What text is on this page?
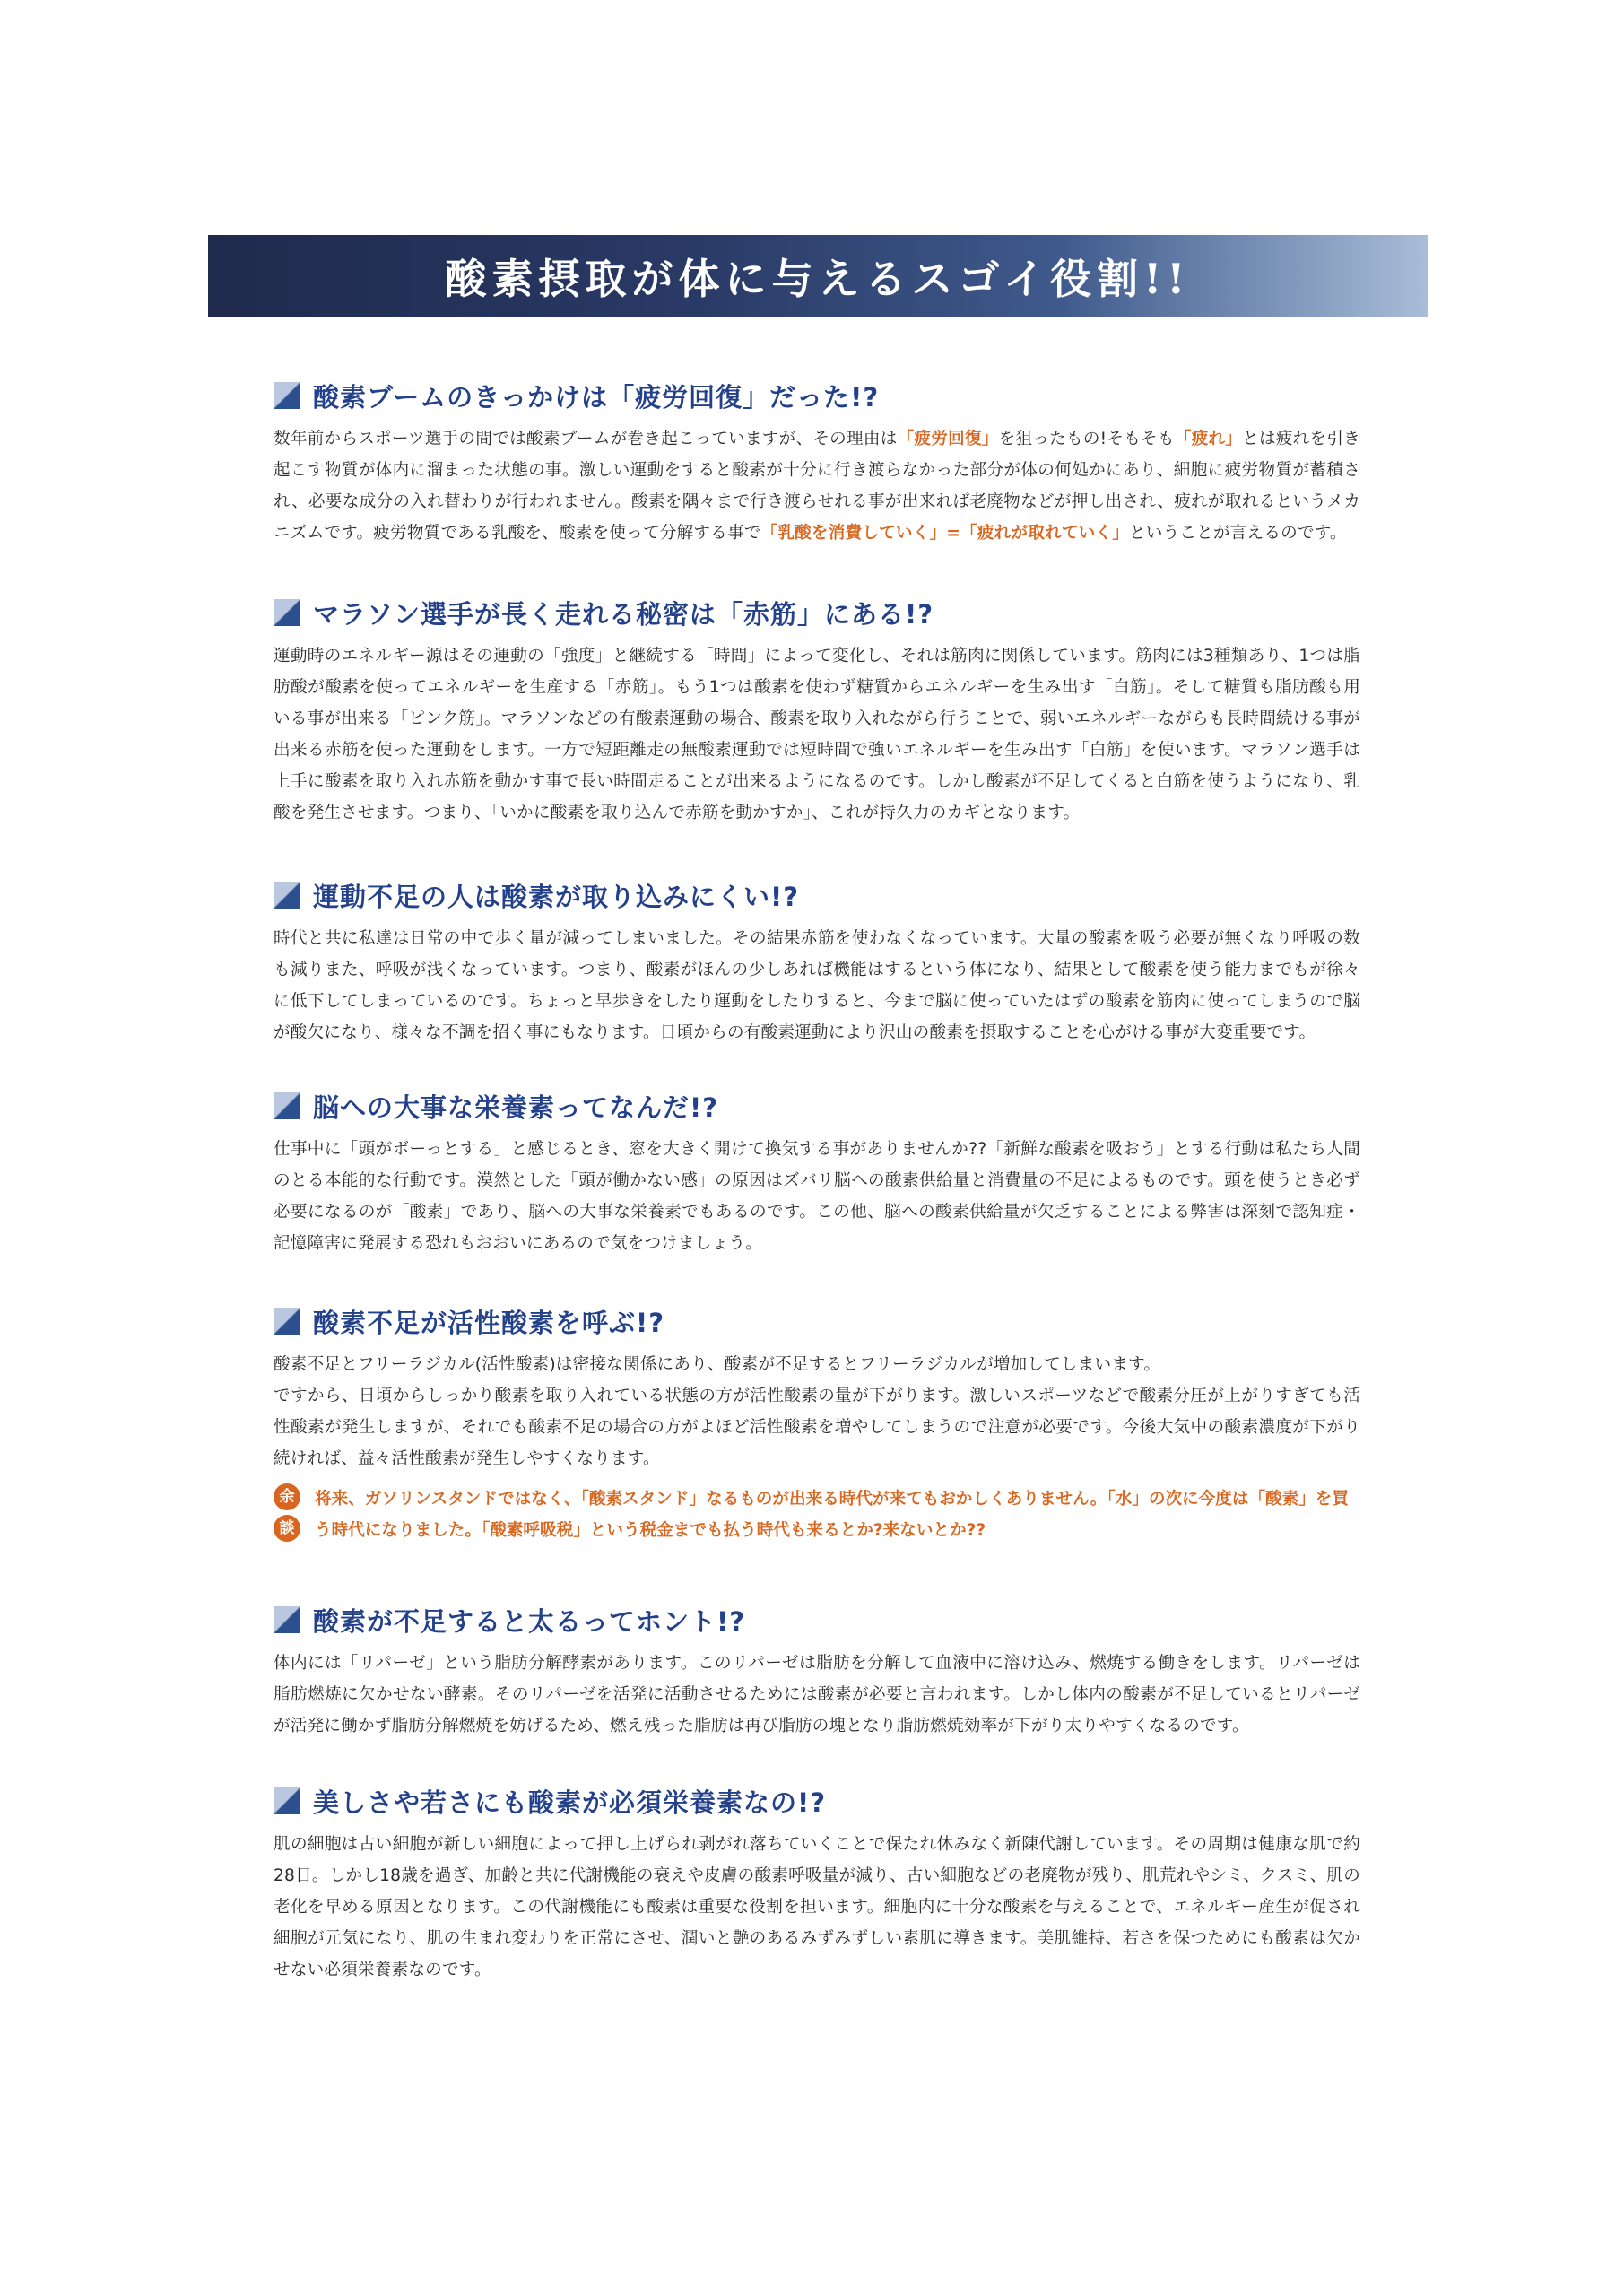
酸素摂取が体に与えるスゴイ役割!!
酸素ブームのきっかけは「疲労回復」だった!?
数年前からスポーツ選手の間では酸素ブームが巻き起こっていますが、その理由は「疲労回復」を狙ったもの!そもそも「疲れ」とは疲れを引き起こす物質が体内に溜まった状態の事。激しい運動をすると酸素が十分に行き渡らなかった部分が体の何処かにあり、細胞に疲労物質が蓄積され、必要な成分の入れ替わりが行われません。酸素を隅々まで行き渡らせれる事が出来れば老廃物などが押し出され、疲れが取れるというメカニズムです。疲労物質である乳酸を、酸素を使って分解する事で「乳酸を消費していく」=「疲れが取れていく」ということが言えるのです。
マラソン選手が長く走れる秘密は「赤筋」にある!?
運動時のエネルギー源はその運動の「強度」と継続する「時間」によって変化し、それは筋肉に関係しています。筋肉には3種類あり、1つは脂肪酸が酸素を使ってエネルギーを生産する「赤筋」。もう1つは酸素を使わず糖質からエネルギーを生み出す「白筋」。そして糖質も脂肪酸も用いる事が出来る「ピンク筋」。マラソンなどの有酸素運動の場合、酸素を取り入れながら行うことで、弱いエネルギーながらも長時間続ける事が出来る赤筋を使った運動をします。一方で短距離走の無酸素運動では短時間で強いエネルギーを生み出す「白筋」を使います。マラソン選手は上手に酸素を取り入れ赤筋を動かす事で長い時間走ることが出来るようになるのです。しかし酸素が不足してくると白筋を使うようになり、乳酸を発生させます。つまり、「いかに酸素を取り込んで赤筋を動かすか」、これが持久力のカギとなります。
運動不足の人は酸素が取り込みにくい!?
時代と共に私達は日常の中で歩く量が減ってしまいました。その結果赤筋を使わなくなっています。大量の酸素を吸う必要が無くなり呼吸の数も減りまた、呼吸が浅くなっています。つまり、酸素がほんの少しあれば機能はするという体になり、結果として酸素を使う能力までもが徐々に低下してしまっているのです。ちょっと早歩きをしたり運動をしたりすると、今まで脳に使っていたはずの酸素を筋肉に使ってしまうので脳が酸欠になり、様々な不調を招く事にもなります。日頃からの有酸素運動により沢山の酸素を摂取することを心がける事が大変重要です。
脳への大事な栄養素ってなんだ!?
仕事中に「頭がボーっとする」と感じるとき、窓を大きく開けて換気する事がありませんか??「新鮮な酸素を吸おう」とする行動は私たち人間のとる本能的な行動です。漠然とした「頭が働かない感」の原因はズバリ脳への酸素供給量と消費量の不足によるものです。頭を使うとき必ず必要になるのが「酸素」であり、脳への大事な栄養素でもあるのです。この他、脳への酸素供給量が欠乏することによる弊害は深刻で認知症・記憶障害に発展する恐れもおおいにあるので気をつけましょう。
酸素不足が活性酸素を呼ぶ!?
酸素不足とフリーラジカル(活性酸素)は密接な関係にあり、酸素が不足するとフリーラジカルが増加してしまいます。
ですから、日頃からしっかり酸素を取り入れている状態の方が活性酸素の量が下がります。激しいスポーツなどで酸素分圧が上がりすぎても活性酸素が発生しますが、それでも酸素不足の場合の方がよほど活性酸素を増やしてしまうので注意が必要です。今後大気中の酸素濃度が下がり続ければ、益々活性酸素が発生しやすくなります。
余
談
将来、ガソリンスタンドではなく、「酸素スタンド」なるものが出来る時代が来てもおかしくありません。「水」の次に今度は「酸素」を買う時代になりました。「酸素呼吸税」という税金までも払う時代も来るとか?来ないとか??
酸素が不足すると太るってホント!?
体内には「リパーゼ」という脂肪分解酵素があります。このリパーゼは脂肪を分解して血液中に溶け込み、燃焼する働きをします。リパーゼは脂肪燃焼に欠かせない酵素。そのリパーゼを活発に活動させるためには酸素が必要と言われます。しかし体内の酸素が不足しているとリパーゼが活発に働かず脂肪分解燃焼を妨げるため、燃え残った脂肪は再び脂肪の塊となり脂肪燃焼効率が下がり太りやすくなるのです。
美しさや若さにも酸素が必須栄養素なの!?
肌の細胞は古い細胞が新しい細胞によって押し上げられ剥がれ落ちていくことで保たれ休みなく新陳代謝しています。その周期は健康な肌で約28日。しかし18歳を過ぎ、加齢と共に代謝機能の衰えや皮膚の酸素呼吸量が減り、古い細胞などの老廃物が残り、肌荒れやシミ、クスミ、肌の老化を早める原因となります。この代謝機能にも酸素は重要な役割を担います。細胞内に十分な酸素を与えることで、エネルギー産生が促され細胞が元気になり、肌の生まれ変わりを正常にさせ、潤いと艶のあるみずみずしい素肌に導きます。美肌維持、若さを保つためにも酸素は欠かせない必須栄養素なのです。
